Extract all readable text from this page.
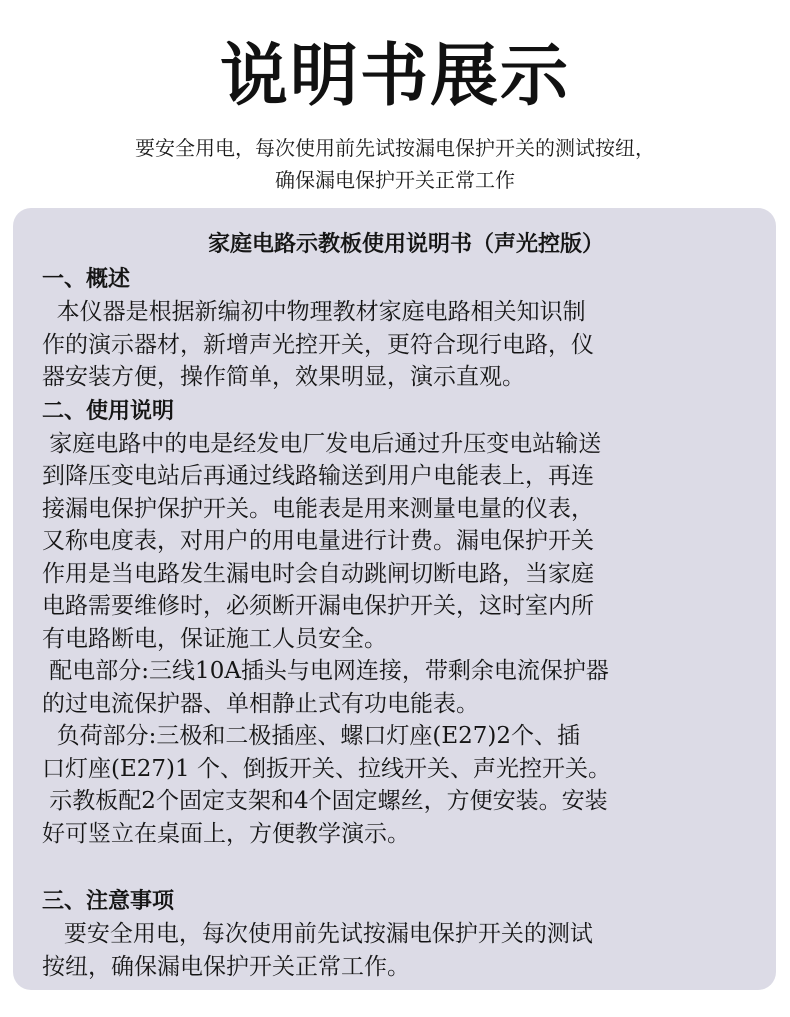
说明书展示
要安全用电，每次使用前先试按漏电保护开关的测试按纽，
确保漏电保护开关正常工作
家庭电路示教板使用说明书（声光控版）
一、概述
本仪器是根据新编初中物理教材家庭电路相关知识制
作的演示器材，新增声光控开关，更符合现行电路，仪
器安装方便，操作简单，效果明显，演示直观。
二、使用说明
家庭电路中的电是经发电厂发电后通过升压变电站输送
到降压变电站后再通过线路输送到用户电能表上，再连
接漏电保护保护开关。电能表是用来测量电量的仪表，
又称电度表，对用户的用电量进行计费。漏电保护开关
作用是当电路发生漏电时会自动跳闸切断电路，当家庭
电路需要维修时，必须断开漏电保护开关，这时室内所
有电路断电，保证施工人员安全。
配电部分:三线10A插头与电网连接，带剩余电流保护器
的过电流保护器、单相静止式有功电能表。
负荷部分:三极和二极插座、螺口灯座(E27)2个、插
口灯座(E27)1 个、倒扳开关、拉线开关、声光控开关。
示教板配2个固定支架和4个固定螺丝，方便安装。安装
好可竖立在桌面上，方便教学演示。
三、注意事项
要安全用电，每次使用前先试按漏电保护开关的测试
按纽，确保漏电保护开关正常工作。
